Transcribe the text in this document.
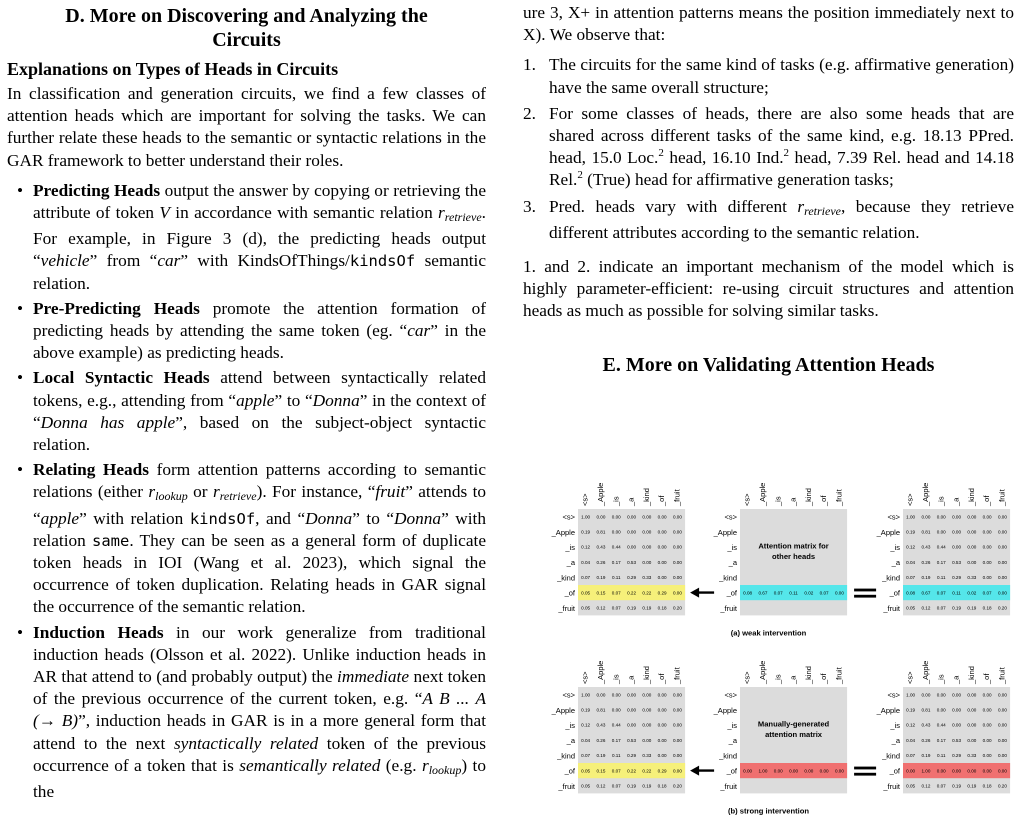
D. More on Discovering and Analyzing the
Circuits
Explanations on Types of Heads in Circuits

In classification and generation circuits, we find a few classes of attention heads which are important for solving the tasks. We can further relate these heads to the semantic or syntactic relations in the GAR framework to better understand their roles.

• Predicting Heads output the answer by copying or retrieving the attribute of token V in accordance with semantic relation rretrieve. For example, in Figure 3 (d), the predicting heads output “vehicle” from “car” with KindsOfThings/kindsOf semantic relation.
• Pre-Predicting Heads promote the attention formation of predicting heads by attending the same token (eg. “car” in the above example) as predicting heads.
• Local Syntactic Heads attend between syntactically related tokens, e.g., attending from “apple” to “Donna” in the context of “Donna has apple”, based on the subject-object syntactic relation.
• Relating Heads form attention patterns according to semantic relations (either rlookup or rretrieve). For instance, “fruit” attends to “apple” with relation kindsOf, and “Donna” to “Donna” with relation same. They can be seen as a general form of duplicate token heads in IOI (Wang et al. 2023), which signal the occurrence of token duplication. Relating heads in GAR signal the occurrence of the semantic relation.
• Induction Heads in our work generalize from traditional induction heads (Olsson et al. 2022). Unlike induction heads in AR that attend to (and probably output) the immediate next token of the previous occurrence of the current token, e.g. “A B ... A (→ B)”, induction heads in GAR is in a more general form that attend to the next syntactically related token of the previous occurrence of a token that is semantically related (e.g. rlookup) to the

ure 3, X+ in attention patterns means the position immediately next to X). We observe that:

1. The circuits for the same kind of tasks (e.g. affirmative generation) have the same overall structure;
2. For some classes of heads, there are also some heads that are shared across different tasks of the same kind, e.g. 18.13 PPred. head, 15.0 Loc.$^2$ head, 16.10 Ind.$^2$ head, 7.39 Rel. head and 14.18 Rel.$^2$ (True) head for affirmative generation tasks;
3. Pred. heads vary with different rretrieve, because they retrieve different attributes according to the semantic relation.

1. and 2. indicate an important mechanism of the model which is highly parameter-efficient: re-using circuit structures and attention heads as much as possible for solving similar tasks.

E. More on Validating Attention Heads
<s> _Apple _is _a _kind _of _fruit
<s>
_Apple
_is
_a
_kind
_of
_fruit
1.00 0.00 0.00 0.00 0.00 0.00 0.00
0.19 0.81 0.00 0.00 0.00 0.00 0.00
0.12 0.43 0.44 0.00 0.00 0.00 0.00
0.04 0.26 0.17 0.53 0.00 0.00 0.00
0.07 0.19 0.11 0.29 0.33 0.00 0.00
0.05 0.15 0.07 0.22 0.22 0.29 0.00
0.05 0.12 0.07 0.19 0.19 0.18 0.20
<s> _Apple _is _a _kind _of _fruit
<s>
_Apple
_is
_a
_kind
_of
_fruit
0.08 0.67 0.07 0.11 0.02 0.07 0.00
Attention matrix for
other heads
<s> _Apple _is _a _kind _of _fruit
<s>
_Apple
_is
_a
_kind
_of
_fruit
1.00 0.00 0.00 0.00 0.00 0.00 0.00
0.19 0.81 0.00 0.00 0.00 0.00 0.00
0.12 0.43 0.44 0.00 0.00 0.00 0.00
0.04 0.26 0.17 0.53 0.00 0.00 0.00
0.07 0.19 0.11 0.29 0.33 0.00 0.00
0.08 0.67 0.07 0.11 0.02 0.07 0.00
0.05 0.12 0.07 0.19 0.19 0.18 0.20
(a) weak intervention
<s> _Apple _is _a _kind _of _fruit
<s>
_Apple
_is
_a
_kind
_of
_fruit
1.00 0.00 0.00 0.00 0.00 0.00 0.00
0.19 0.81 0.00 0.00 0.00 0.00 0.00
0.12 0.43 0.44 0.00 0.00 0.00 0.00
0.04 0.26 0.17 0.53 0.00 0.00 0.00
0.07 0.19 0.11 0.29 0.33 0.00 0.00
0.05 0.15 0.07 0.22 0.22 0.29 0.00
0.05 0.12 0.07 0.19 0.19 0.18 0.20
<s> _Apple _is _a _kind _of _fruit
<s>
_Apple
_is
_a
_kind
_of
_fruit
0.00 1.00 0.00 0.00 0.00 0.00 0.00
Manually-generated
attention matrix
<s> _Apple _is _a _kind _of _fruit
<s>
_Apple
_is
_a
_kind
_of
_fruit
1.00 0.00 0.00 0.00 0.00 0.00 0.00
0.19 0.81 0.00 0.00 0.00 0.00 0.00
0.12 0.43 0.44 0.00 0.00 0.00 0.00
0.04 0.26 0.17 0.53 0.00 0.00 0.00
0.07 0.19 0.11 0.29 0.33 0.00 0.00
0.00 1.00 0.00 0.00 0.00 0.00 0.00
0.05 0.12 0.07 0.19 0.19 0.18 0.20
(b) strong intervention
